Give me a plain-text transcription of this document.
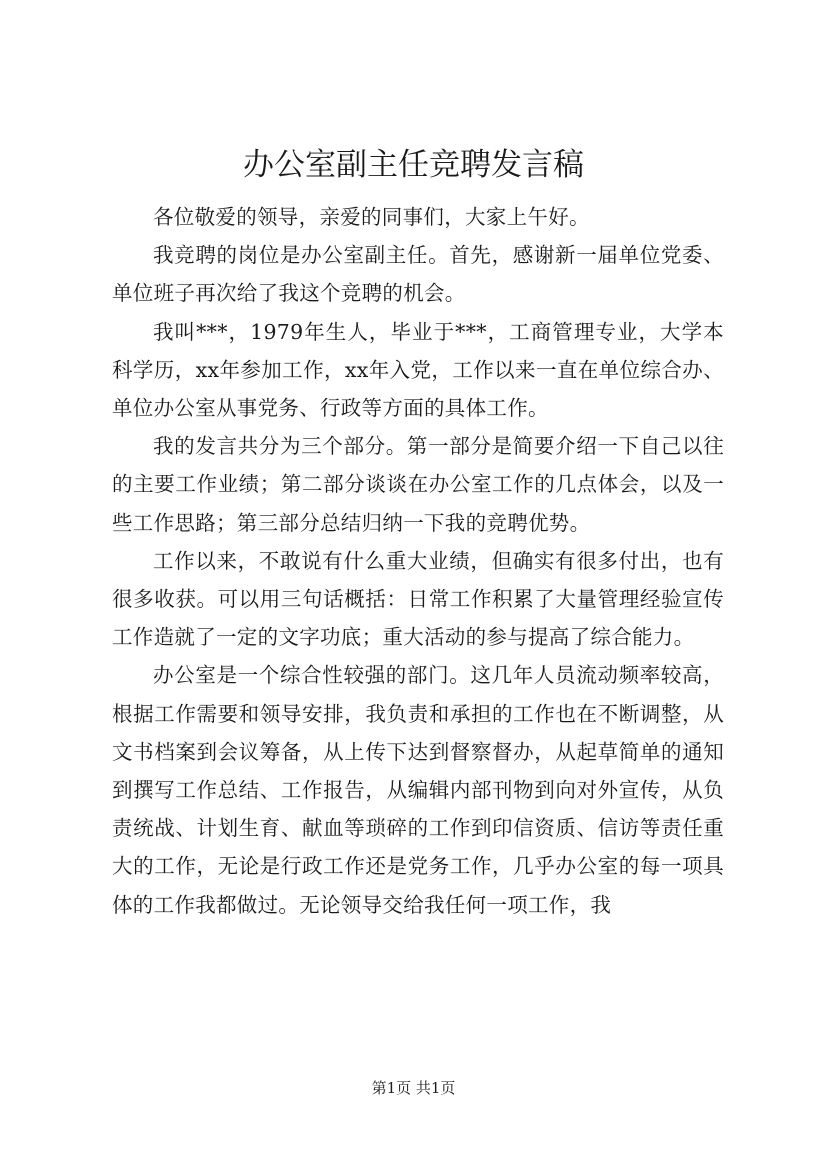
办公室副主任竞聘发言稿

各位敬爱的领导，亲爱的同事们，大家上午好。

我竞聘的岗位是办公室副主任。首先，感谢新一届单位党委、单位班子再次给了我这个竞聘的机会。

我叫***，1979年生人，毕业于***，工商管理专业，大学本科学历，xx年参加工作，xx年入党，工作以来一直在单位综合办、单位办公室从事党务、行政等方面的具体工作。

我的发言共分为三个部分。第一部分是简要介绍一下自己以往的主要工作业绩；第二部分谈谈在办公室工作的几点体会，以及一些工作思路；第三部分总结归纳一下我的竞聘优势。

工作以来，不敢说有什么重大业绩，但确实有很多付出，也有很多收获。可以用三句话概括：日常工作积累了大量管理经验宣传工作造就了一定的文字功底；重大活动的参与提高了综合能力。

办公室是一个综合性较强的部门。这几年人员流动频率较高，根据工作需要和领导安排，我负责和承担的工作也在不断调整，从文书档案到会议筹备，从上传下达到督察督办，从起草简单的通知到撰写工作总结、工作报告，从编辑内部刊物到向对外宣传，从负责统战、计划生育、献血等琐碎的工作到印信资质、信访等责任重大的工作，无论是行政工作还是党务工作，几乎办公室的每一项具体的工作我都做过。无论领导交给我任何一项工作，我

第1页 共1页
